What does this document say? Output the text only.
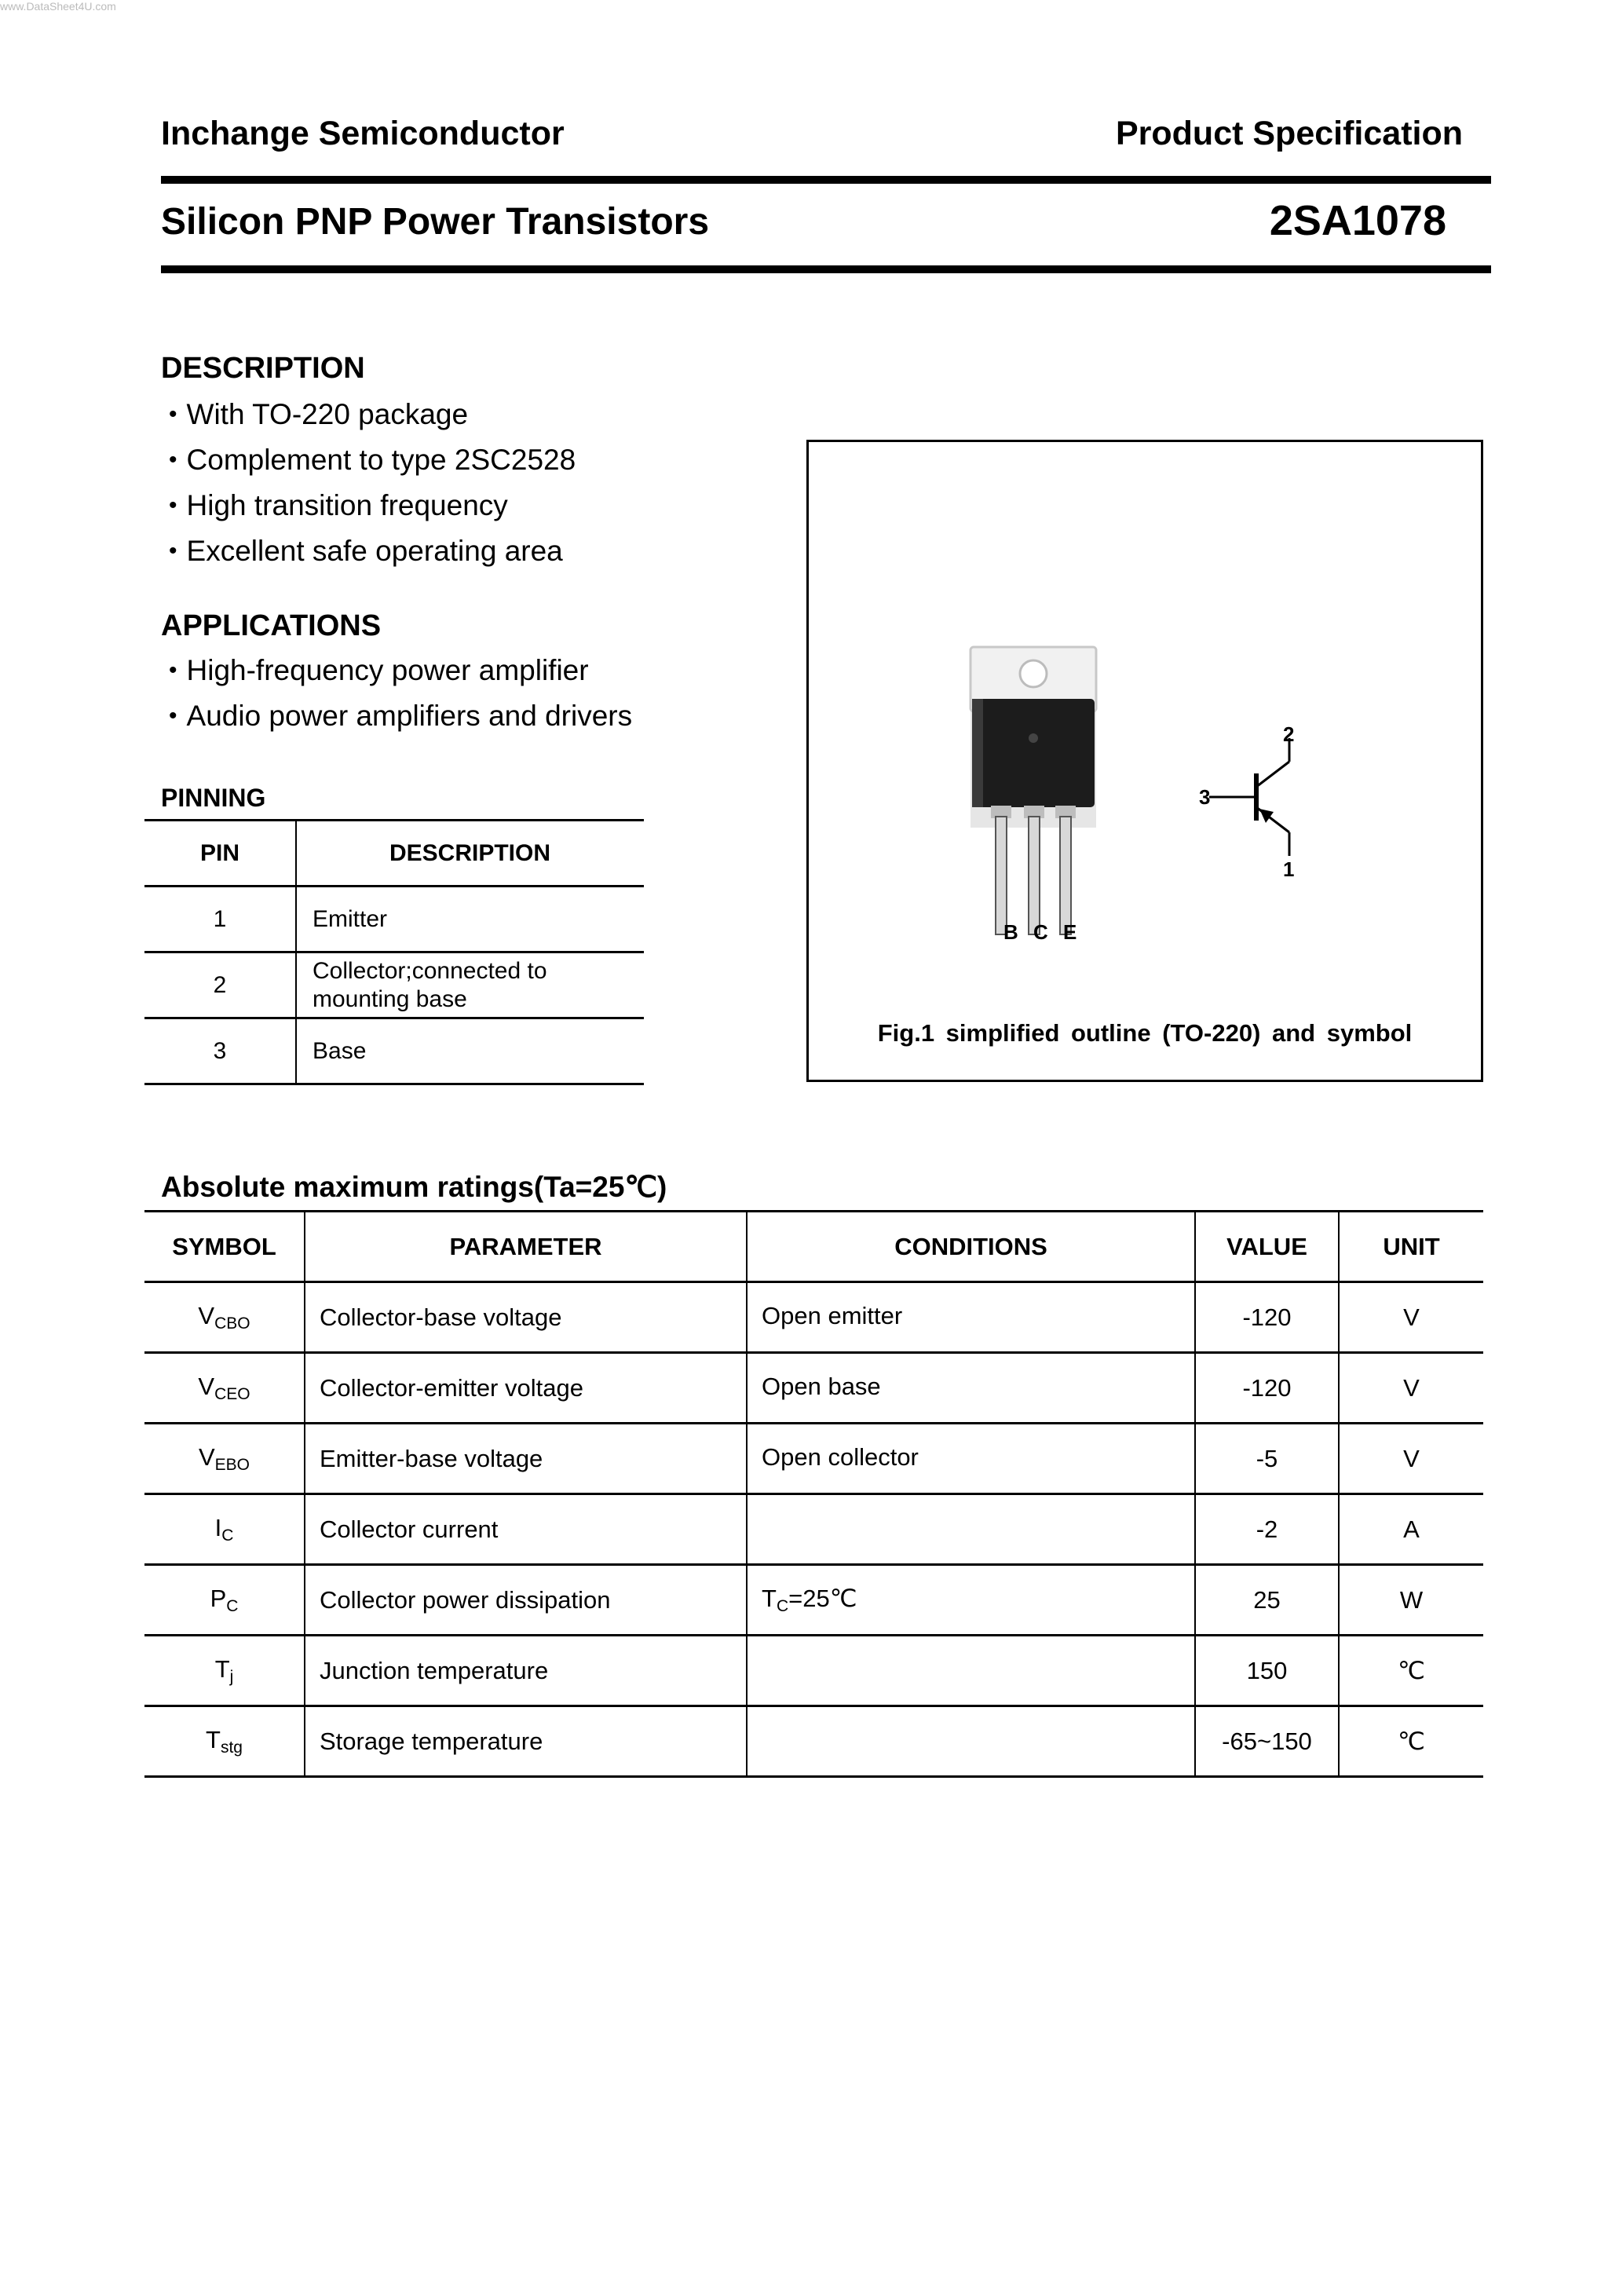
www.DataSheet4U.com
Inchange Semiconductor	Product Specification
Silicon PNP Power Transistors	2SA1078
DESCRIPTION
• With TO-220 package
• Complement to type 2SC2528
• High transition frequency
• Excellent safe operating area
APPLICATIONS
• High-frequency power amplifier
• Audio power amplifiers and drivers
PINNING
PIN	DESCRIPTION
1	Emitter
2	Collector;connected to
mounting base
3	Base
B C E
2
3
1
Fig.1 simplified outline (TO-220) and symbol
Absolute maximum ratings(Ta=25℃)
SYMBOL	PARAMETER	CONDITIONS	VALUE	UNIT
$V_{CBO}$	Collector-base voltage	Open emitter	-120	V
$V_{CEO}$	Collector-emitter voltage	Open base	-120	V
$V_{EBO}$	Emitter-base voltage	Open collector	-5	V
$I_C$	Collector current		-2	A
$P_C$	Collector power dissipation	$T_C=25℃$	25	W
$T_j$	Junction temperature		150	℃
$T_{stg}$	Storage temperature		-65~150	℃
